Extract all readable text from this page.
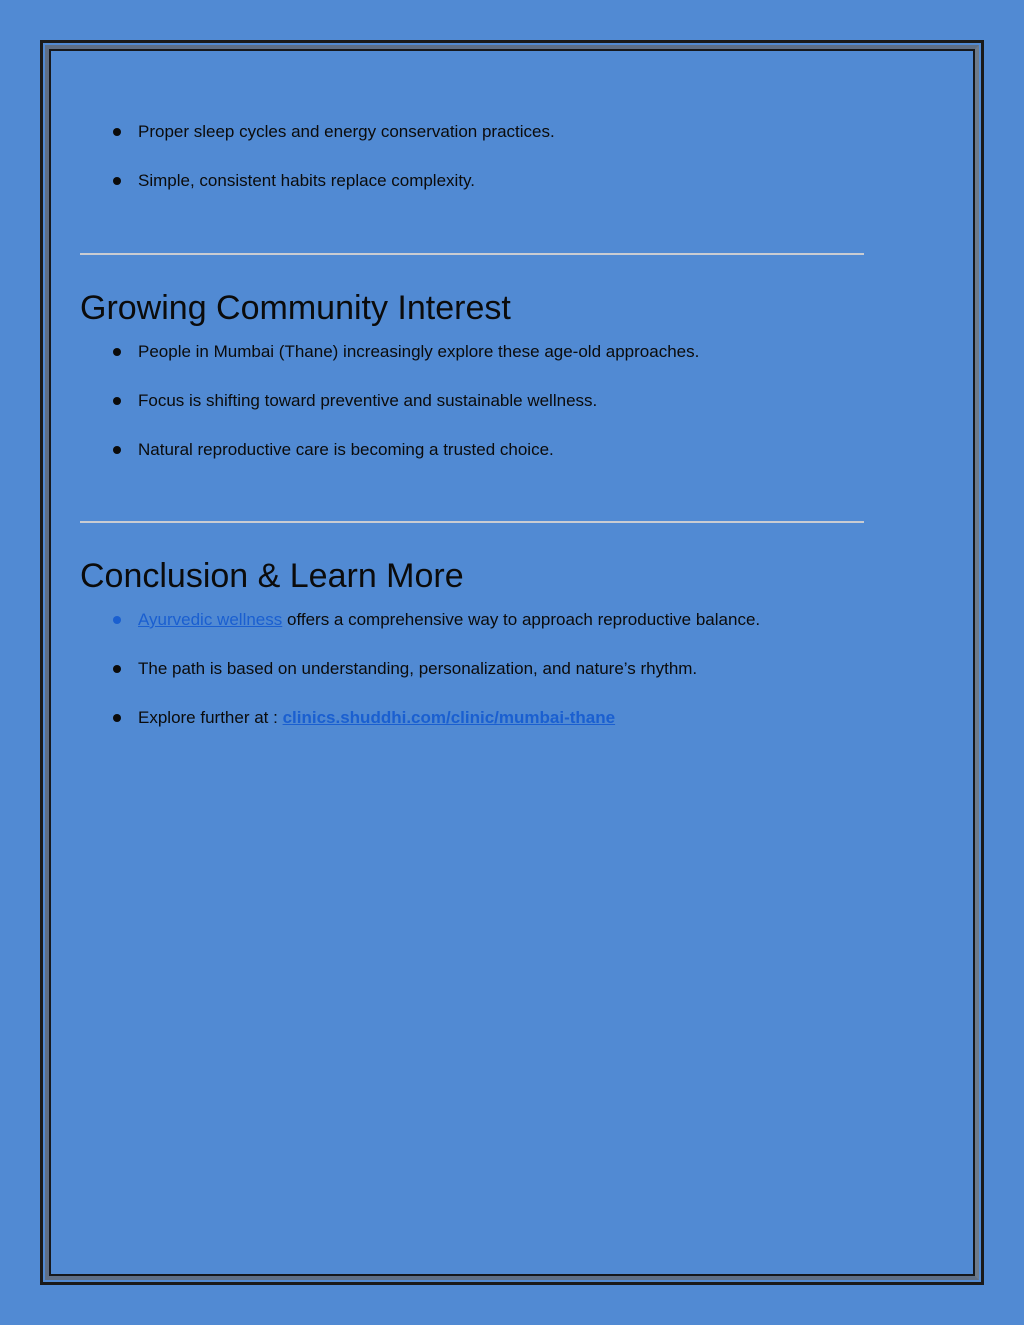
Proper sleep cycles and energy conservation practices.
Simple, consistent habits replace complexity.
Growing Community Interest
People in Mumbai (Thane) increasingly explore these age-old approaches.
Focus is shifting toward preventive and sustainable wellness.
Natural reproductive care is becoming a trusted choice.
Conclusion & Learn More
Ayurvedic wellness offers a comprehensive way to approach reproductive balance.
The path is based on understanding, personalization, and nature’s rhythm.
Explore further at : clinics.shuddhi.com/clinic/mumbai-thane
